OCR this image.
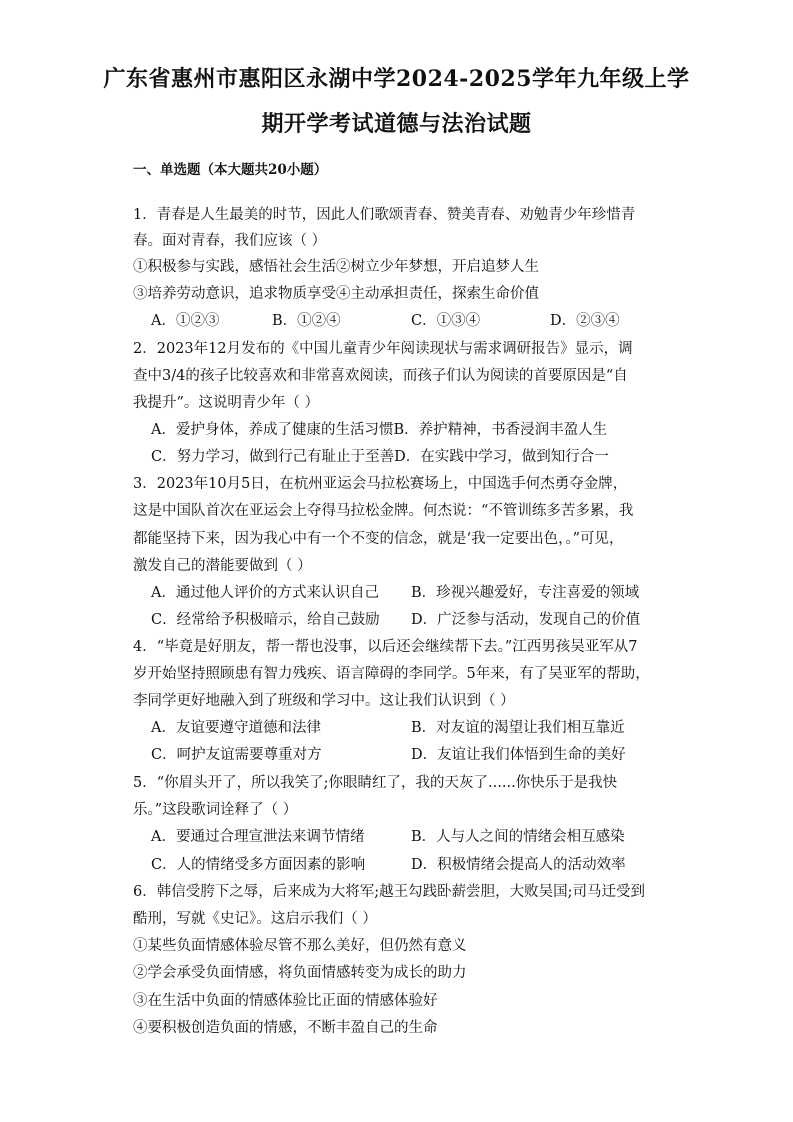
广东省惠州市惠阳区永湖中学2024-2025学年九年级上学
期开学考试道德与法治试题
一、单选题（本大题共20小题）
1．青春是人生最美的时节，因此人们歌颂青春、赞美青春、劝勉青少年珍惜青
春。面对青春，我们应该（ ）
①积极参与实践，感悟社会生活②树立少年梦想，开启追梦人生
③培养劳动意识，追求物质享受④主动承担责任，探索生命价值
A．①②③	B．①②④	C．①③④	D．②③④
2．2023年12月发布的《中国儿童青少年阅读现状与需求调研报告》显示，调
查中3/4的孩子比较喜欢和非常喜欢阅读，而孩子们认为阅读的首要原因是“自
我提升”。这说明青少年（ ）
A．爱护身体，养成了健康的生活习惯B．养护精神，书香浸润丰盈人生
C．努力学习，做到行己有耻止于至善D．在实践中学习，做到知行合一
3．2023年10月5日，在杭州亚运会马拉松赛场上，中国选手何杰勇夺金牌，
这是中国队首次在亚运会上夺得马拉松金牌。何杰说：“不管训练多苦多累，我
都能坚持下来，因为我心中有一个不变的信念，就是‘我一定要出色，。”可见，
激发自己的潜能要做到（ ）
A．通过他人评价的方式来认识自己 B．珍视兴趣爱好，专注喜爱的领域
C．经常给予积极暗示，给自己鼓励 D．广泛参与活动，发现自己的价值
4．“毕竟是好朋友，帮一帮也没事，以后还会继续帮下去。”江西男孩吴亚军从7
岁开始坚持照顾患有智力残疾、语言障碍的李同学。5年来，有了吴亚军的帮助，
李同学更好地融入到了班级和学习中。这让我们认识到（ ）
A．友谊要遵守道德和法律	B．对友谊的渴望让我们相互靠近
C．呵护友谊需要尊重对方	D．友谊让我们体悟到生命的美好
5．“你眉头开了，所以我笑了;你眼睛红了，我的天灰了......你快乐于是我快
乐。”这段歌词诠释了（ ）
A．要通过合理宣泄法来调节情绪	B．人与人之间的情绪会相互感染
C．人的情绪受多方面因素的影响	D．积极情绪会提高人的活动效率
6．韩信受胯下之辱，后来成为大将军;越王勾践卧薪尝胆，大败吴国;司马迁受到
酷刑，写就《史记》。这启示我们（ ）
①某些负面情感体验尽管不那么美好，但仍然有意义
②学会承受负面情感，将负面情感转变为成长的助力
③在生活中负面的情感体验比正面的情感体验好
④要积极创造负面的情感，不断丰盈自己的生命
